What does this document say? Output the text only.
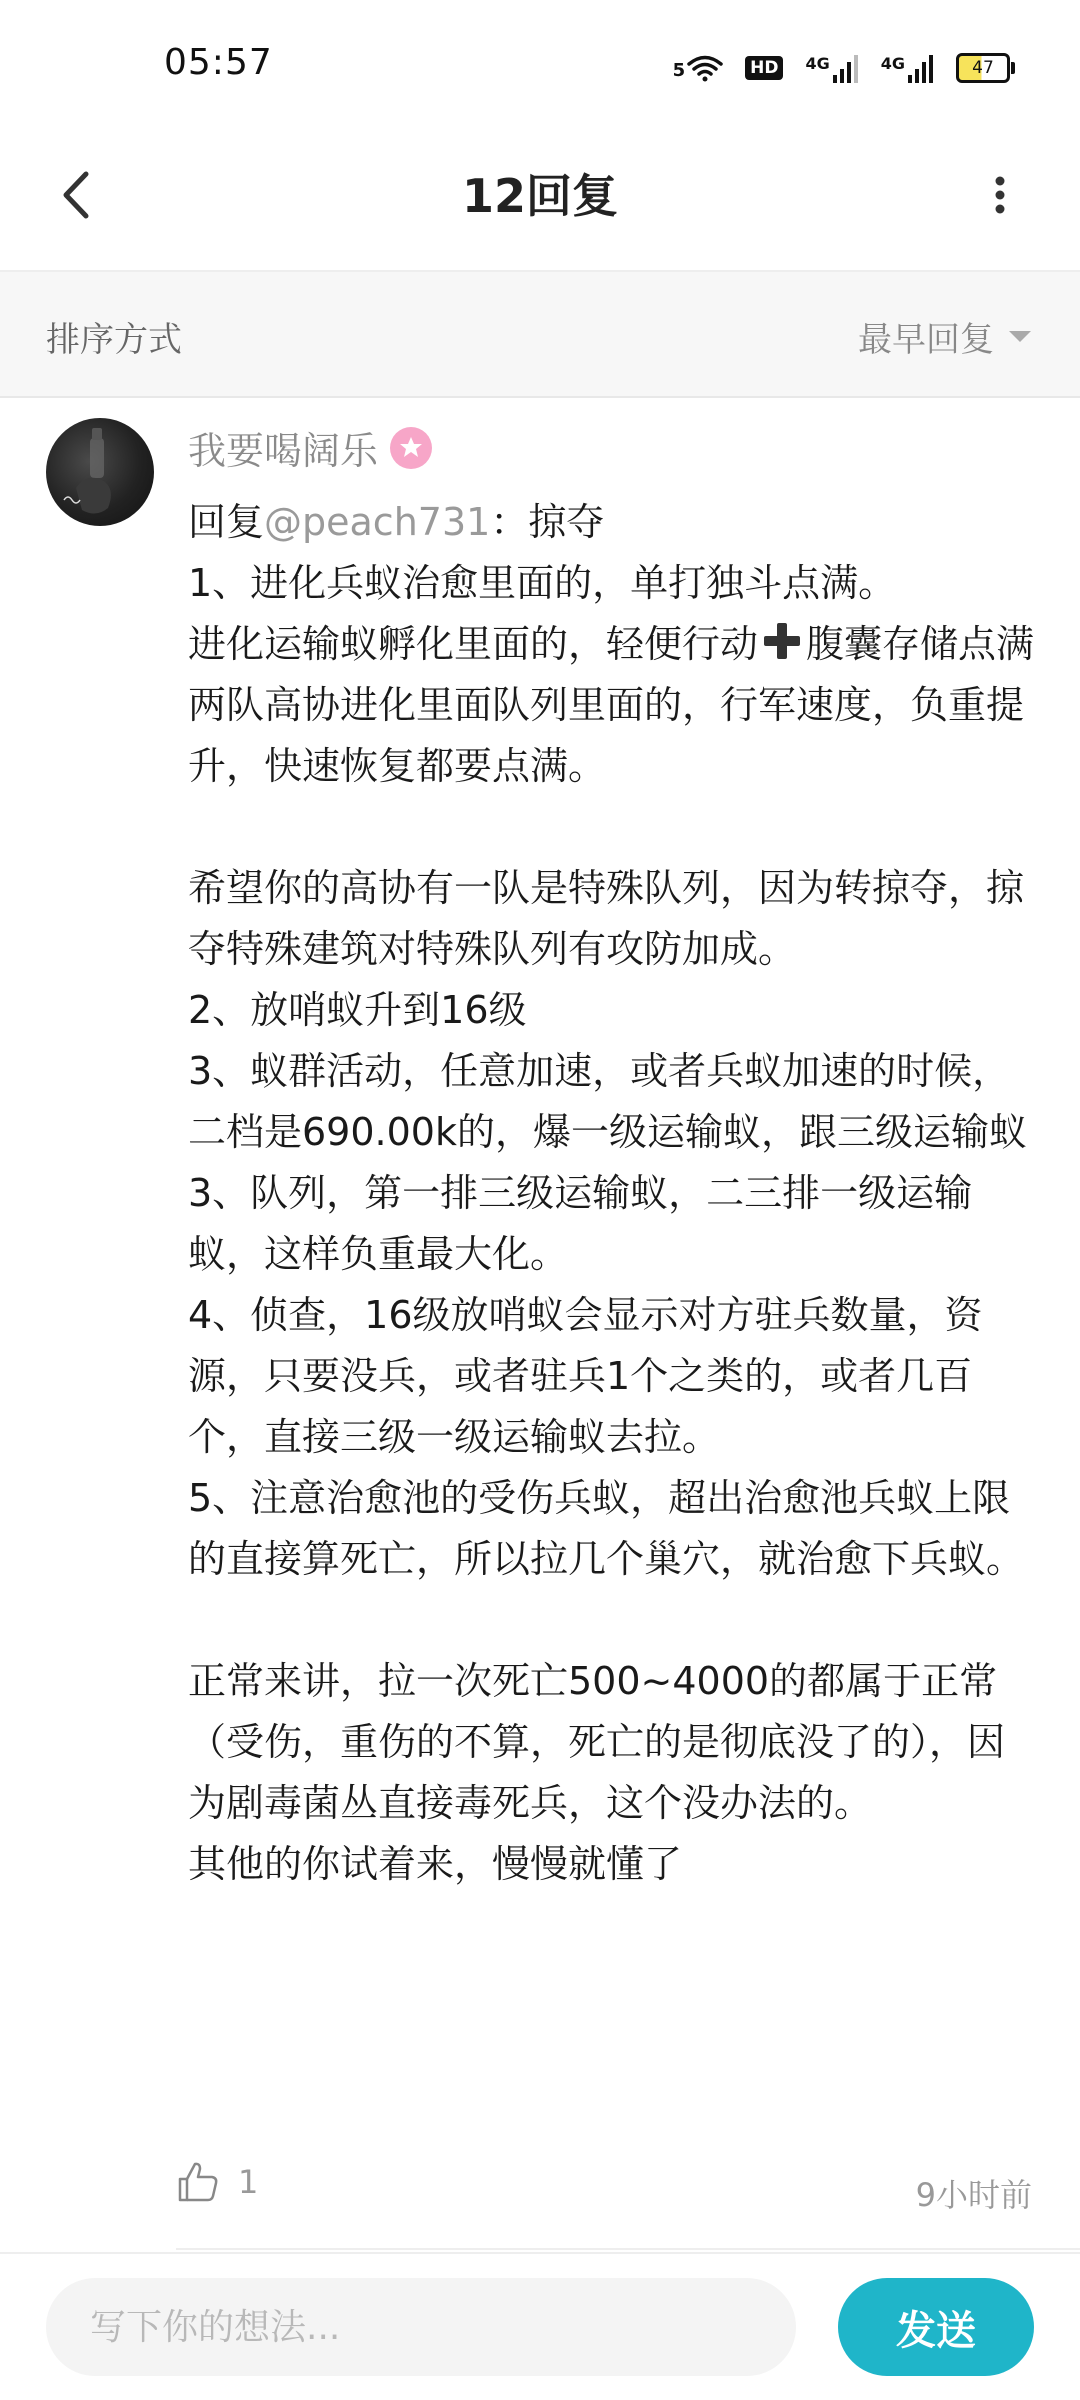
05:57	5	HD	4G	4G	47
12回复
排序方式	最早回复
我要喝阔乐

回复@peach731：掠夺

1、进化兵蚁治愈里面的，单打独斗点满。

进化运输蚁孵化里面的，轻便行动 腹囊存储点满

两队高协进化里面队列里面的，行军速度，负重提升，快速恢复都要点满。

希望你的高协有一队是特殊队列，因为转掠夺，掠夺特殊建筑对特殊队列有攻防加成。

2、放哨蚁升到16级

3、蚁群活动，任意加速，或者兵蚁加速的时候，二档是690.00k的，爆一级运输蚁，跟三级运输蚁

3、队列，第一排三级运输蚁，二三排一级运输蚁，这样负重最大化。

4、侦查，16级放哨蚁会显示对方驻兵数量，资源，只要没兵，或者驻兵1个之类的，或者几百个，直接三级一级运输蚁去拉。

5、注意治愈池的受伤兵蚁，超出治愈池兵蚁上限的直接算死亡，所以拉几个巢穴，就治愈下兵蚁。

正常来讲，拉一次死亡500~4000的都属于正常（受伤，重伤的不算，死亡的是彻底没了的），因为剧毒菌丛直接毒死兵，这个没办法的。

其他的你试着来，慢慢就懂了

1	9小时前
写下你的想法...
发送
